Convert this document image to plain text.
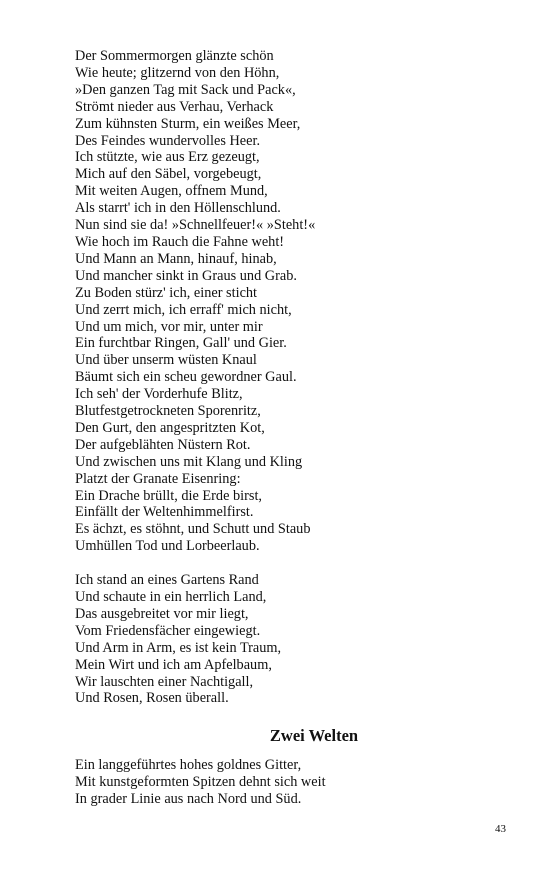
Der Sommermorgen glänzte schön
Wie heute; glitzernd von den Höhn,
»Den ganzen Tag mit Sack und Pack«,
Strömt nieder aus Verhau, Verhack
Zum kühnsten Sturm, ein weißes Meer,
Des Feindes wundervolles Heer.
Ich stützte, wie aus Erz gezeugt,
Mich auf den Säbel, vorgebeugt,
Mit weiten Augen, offnem Mund,
Als starrt' ich in den Höllenschlund.
Nun sind sie da! »Schnellfeuer!« »Steht!«
Wie hoch im Rauch die Fahne weht!
Und Mann an Mann, hinauf, hinab,
Und mancher sinkt in Graus und Grab.
Zu Boden stürz' ich, einer sticht
Und zerrt mich, ich erraff' mich nicht,
Und um mich, vor mir, unter mir
Ein furchtbar Ringen, Gall' und Gier.
Und über unserm wüsten Knaul
Bäumt sich ein scheu gewordner Gaul.
Ich seh' der Vorderhufe Blitz,
Blutfestgetrockneten Sporenritz,
Den Gurt, den angespritzten Kot,
Der aufgeblähten Nüstern Rot.
Und zwischen uns mit Klang und Kling
Platzt der Granate Eisenring:
Ein Drache brüllt, die Erde birst,
Einfällt der Weltenhimmelfirst.
Es ächzt, es stöhnt, und Schutt und Staub
Umhüllen Tod und Lorbeerlaub.
Ich stand an eines Gartens Rand
Und schaute in ein herrlich Land,
Das ausgebreitet vor mir liegt,
Vom Friedensfächer eingewiegt.
Und Arm in Arm, es ist kein Traum,
Mein Wirt und ich am Apfelbaum,
Wir lauschten einer Nachtigall,
Und Rosen, Rosen überall.
Zwei Welten
Ein langgeführtes hohes goldnes Gitter,
Mit kunstgeformten Spitzen dehnt sich weit
In grader Linie aus nach Nord und Süd.
43
